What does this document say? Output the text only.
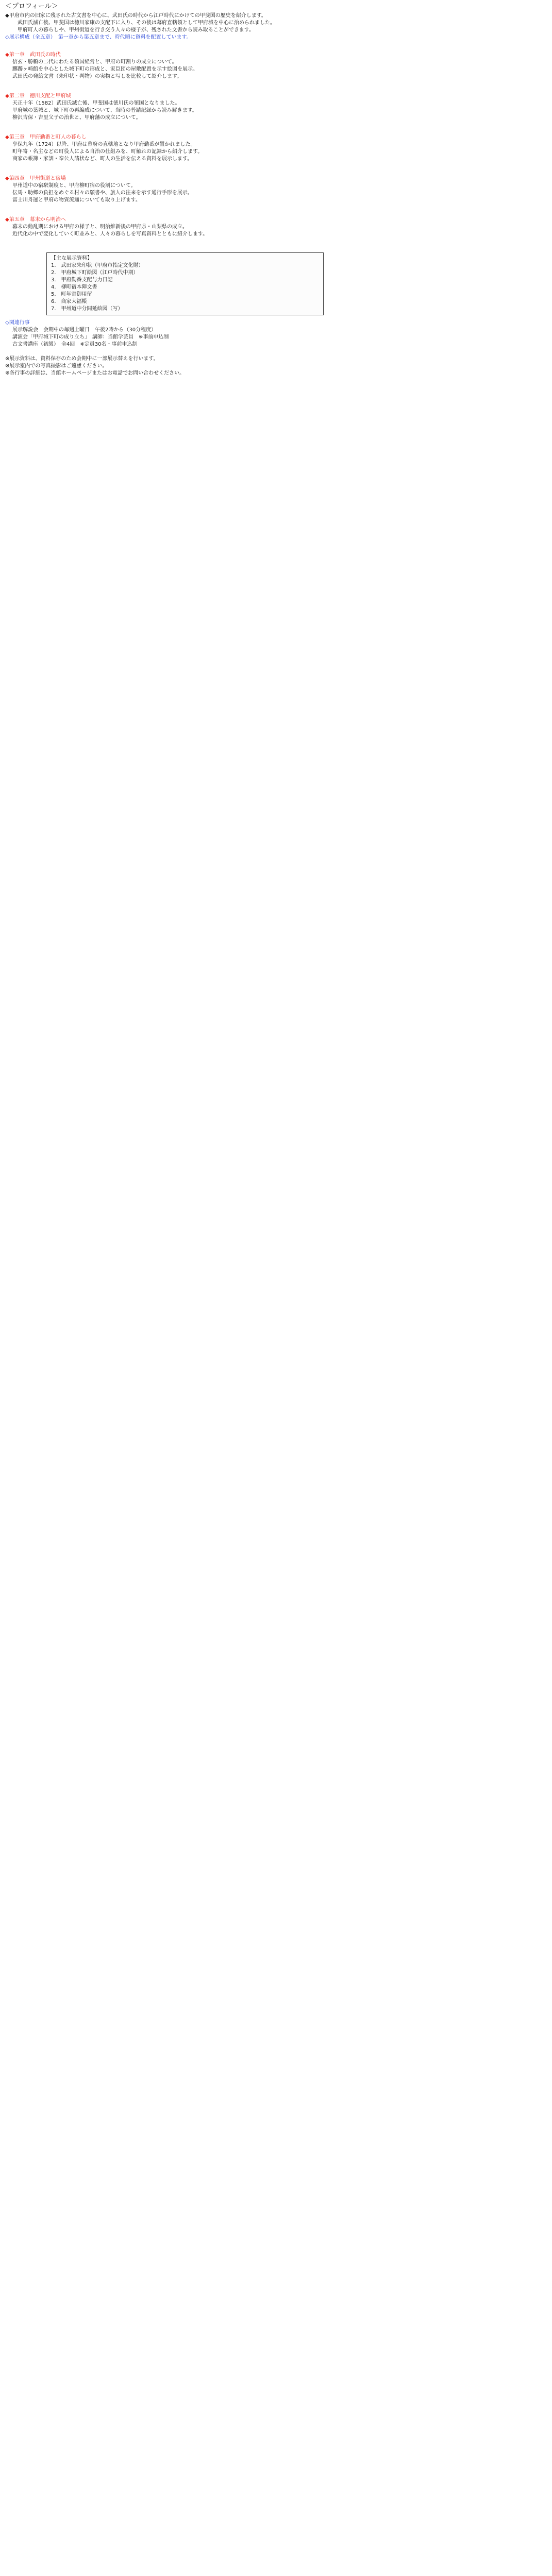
＜プロフィール＞
◆甲府市内の旧家に残された古文書を中心に、武田氏の時代から江戸時代にかけての甲斐国の歴史を紹介します。
　武田氏滅亡後、甲斐国は徳川家康の支配下に入り、その後は幕府直轄領として甲府城を中心に治められました。
　甲府町人の暮らしや、甲州街道を行き交う人々の様子が、残された文書から読み取ることができます。
◇展示構成（全五章）　第一章から第五章まで、時代順に資料を配置しています。
◆第一章　武田氏の時代
信玄・勝頼の二代にわたる領国経営と、甲府の町割りの成立について。
躑躅ヶ崎館を中心とした城下町の形成と、家臣団の屋敷配置を示す絵図を展示。
武田氏の発給文書（朱印状・判物）の実物と写しを比較して紹介します。
◆第二章　徳川支配と甲府城
天正十年（1582）武田氏滅亡後、甲斐国は徳川氏の領国となりました。
甲府城の築城と、城下町の再編成について、当時の普請記録から読み解きます。
柳沢吉保・吉里父子の治世と、甲府藩の成立について。
◆第三章　甲府勤番と町人の暮らし
享保九年（1724）以降、甲府は幕府の直轄地となり甲府勤番が置かれました。
町年寄・名主などの町役人による自治の仕組みを、町触れの記録から紹介します。
商家の帳簿・家訓・奉公人請状など、町人の生活を伝える資料を展示します。
◆第四章　甲州街道と宿場
甲州道中の宿駅制度と、甲府柳町宿の役割について。
伝馬・助郷の負担をめぐる村々の願書や、旅人の往来を示す通行手形を展示。
富士川舟運と甲府の物資流通についても取り上げます。
◆第五章　幕末から明治へ
幕末の動乱期における甲府の様子と、明治維新後の甲府県・山梨県の成立。
近代化の中で変化していく町並みと、人々の暮らしを写真資料とともに紹介します。
【主な展示資料】
1.　武田家朱印状（甲府市指定文化財）
2.　甲府城下町絵図（江戸時代中期）
3.　甲府勤番支配与力日記
4.　柳町宿本陣文書
5.　町年寄御用留
6.　商家大福帳
7.　甲州道中分間延絵図（写）
◇関連行事
展示解説会　会期中の毎週土曜日　午後2時から（30分程度）
講演会「甲府城下町の成り立ち」　講師：当館学芸員　※事前申込制
古文書講座（初級）　全4回　※定員30名・事前申込制
※展示資料は、資料保存のため会期中に一部展示替えを行います。
※展示室内での写真撮影はご遠慮ください。
※各行事の詳細は、当館ホームページまたはお電話でお問い合わせください。
